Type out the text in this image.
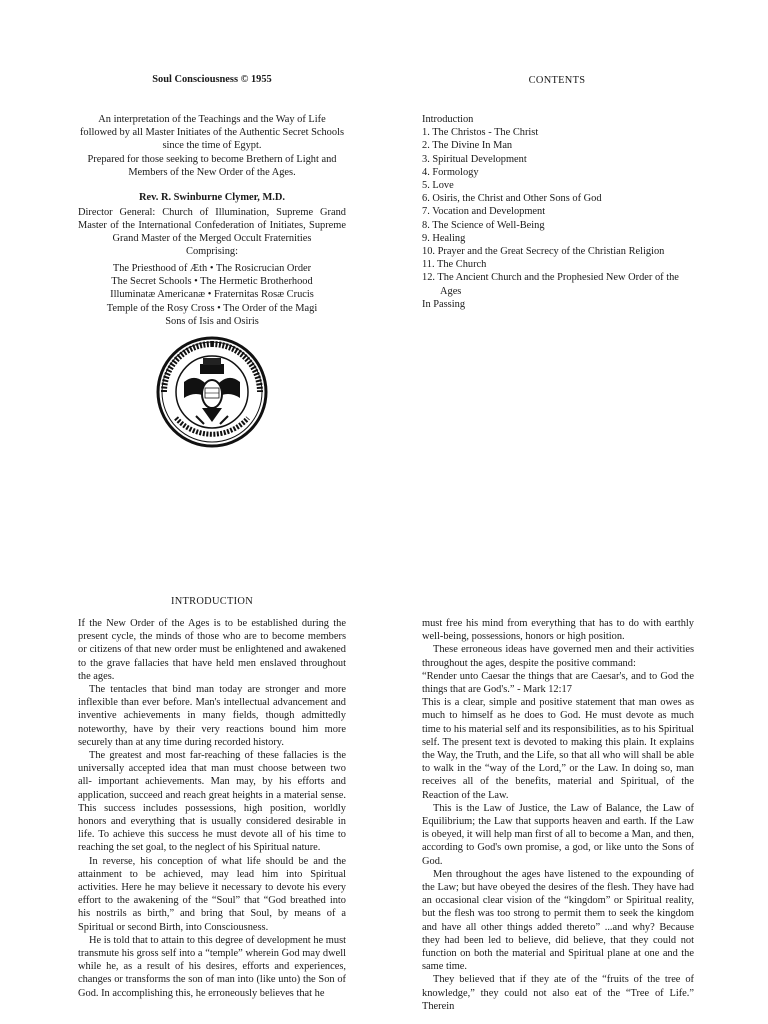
Soul Consciousness © 1955
An interpretation of the Teachings and the Way of Life
followed by all Master Initiates of the Authentic Secret Schools
since the time of Egypt.
Prepared for those seeking to become Brethern of Light and
Members of the New Order of the Ages.
Rev. R. Swinburne Clymer, M.D.
Director General: Church of Illumination, Supreme Grand Master of the International Confederation of Initiates, Supreme Grand Master of the Merged Occult Fraternities
Comprising:
The Priesthood of Æth • The Rosicrucian Order
The Secret Schools • The Hermetic Brotherhood
Illuminatæ Americanæ • Fraternitas Rosæ Crucis
Temple of the Rosy Cross • The Order of the Magi
Sons of Isis and Osiris
CONTENTS
Introduction
1. The Christos - The Christ
2. The Divine In Man
3. Spiritual Development
4. Formology
5. Love
6. Osiris, the Christ and Other Sons of God
7. Vocation and Development
8. The Science of Well-Being
9. Healing
10. Prayer and the Great Secrecy of the Christian Religion
11. The Church
12. The Ancient Church and the Prophesied New Order of the Ages
In Passing
INTRODUCTION

If the New Order of the Ages is to be established during the present cycle, the minds of those who are to become members or citizens of that new order must be enlightened and awakened to the grave fallacies that have held men enslaved throughout the ages.

The tentacles that bind man today are stronger and more inflexible than ever before. Man's intellectual advancement and inventive achievements in many fields, though admittedly noteworthy, have by their very reactions bound him more securely than at any time during recorded history.

The greatest and most far-reaching of these fallacies is the universally accepted idea that man must choose between two all- important achievements. Man may, by his efforts and application, succeed and reach great heights in a material sense. This success includes possessions, high position, worldly honors and everything that is usually considered desirable in life. To achieve this success he must devote all of his time to reaching the set goal, to the neglect of his Spiritual nature.

In reverse, his conception of what life should be and the attainment to be achieved, may lead him into Spiritual activities. Here he may believe it necessary to devote his every effort to the awakening of the “Soul” that “God breathed into his nostrils as birth,” and bring that Soul, by means of a Spiritual or second Birth, into Consciousness.

He is told that to attain to this degree of development he must transmute his gross self into a “temple” wherein God may dwell while he, as a result of his desires, efforts and experiences, changes or transforms the son of man into (like unto) the Son of God. In accomplishing this, he erroneously believes that he

must free his mind from everything that has to do with earthly well-being, possessions, honors or high position.

These erroneous ideas have governed men and their activities throughout the ages, despite the positive command:

“Render unto Caesar the things that are Caesar's, and to God the things that are God's.” - Mark 12:17

This is a clear, simple and positive statement that man owes as much to himself as he does to God. He must devote as much time to his material self and its responsibilities, as to his Spiritual self. The present text is devoted to making this plain. It explains the Way, the Truth, and the Life, so that all who will shall be able to walk in the “way of the Lord,” or the Law. In doing so, man receives all of the benefits, material and Spiritual, of the Reaction of the Law.

This is the Law of Justice, the Law of Balance, the Law of Equilibrium; the Law that supports heaven and earth. If the Law is obeyed, it will help man first of all to become a Man, and then, according to God's own promise, a god, or like unto the Sons of God.

Men throughout the ages have listened to the expounding of the Law; but have obeyed the desires of the flesh. They have had an occasional clear vision of the “kingdom” or Spiritual reality, but the flesh was too strong to permit them to seek the kingdom and have all other things added thereto” ...and why? Because they had been led to believe, did believe, that they could not function on both the material and Spiritual plane at one and the same time.

They believed that if they ate of the “fruits of the tree of knowledge,” they could not also eat of the “Tree of Life.” Therein
